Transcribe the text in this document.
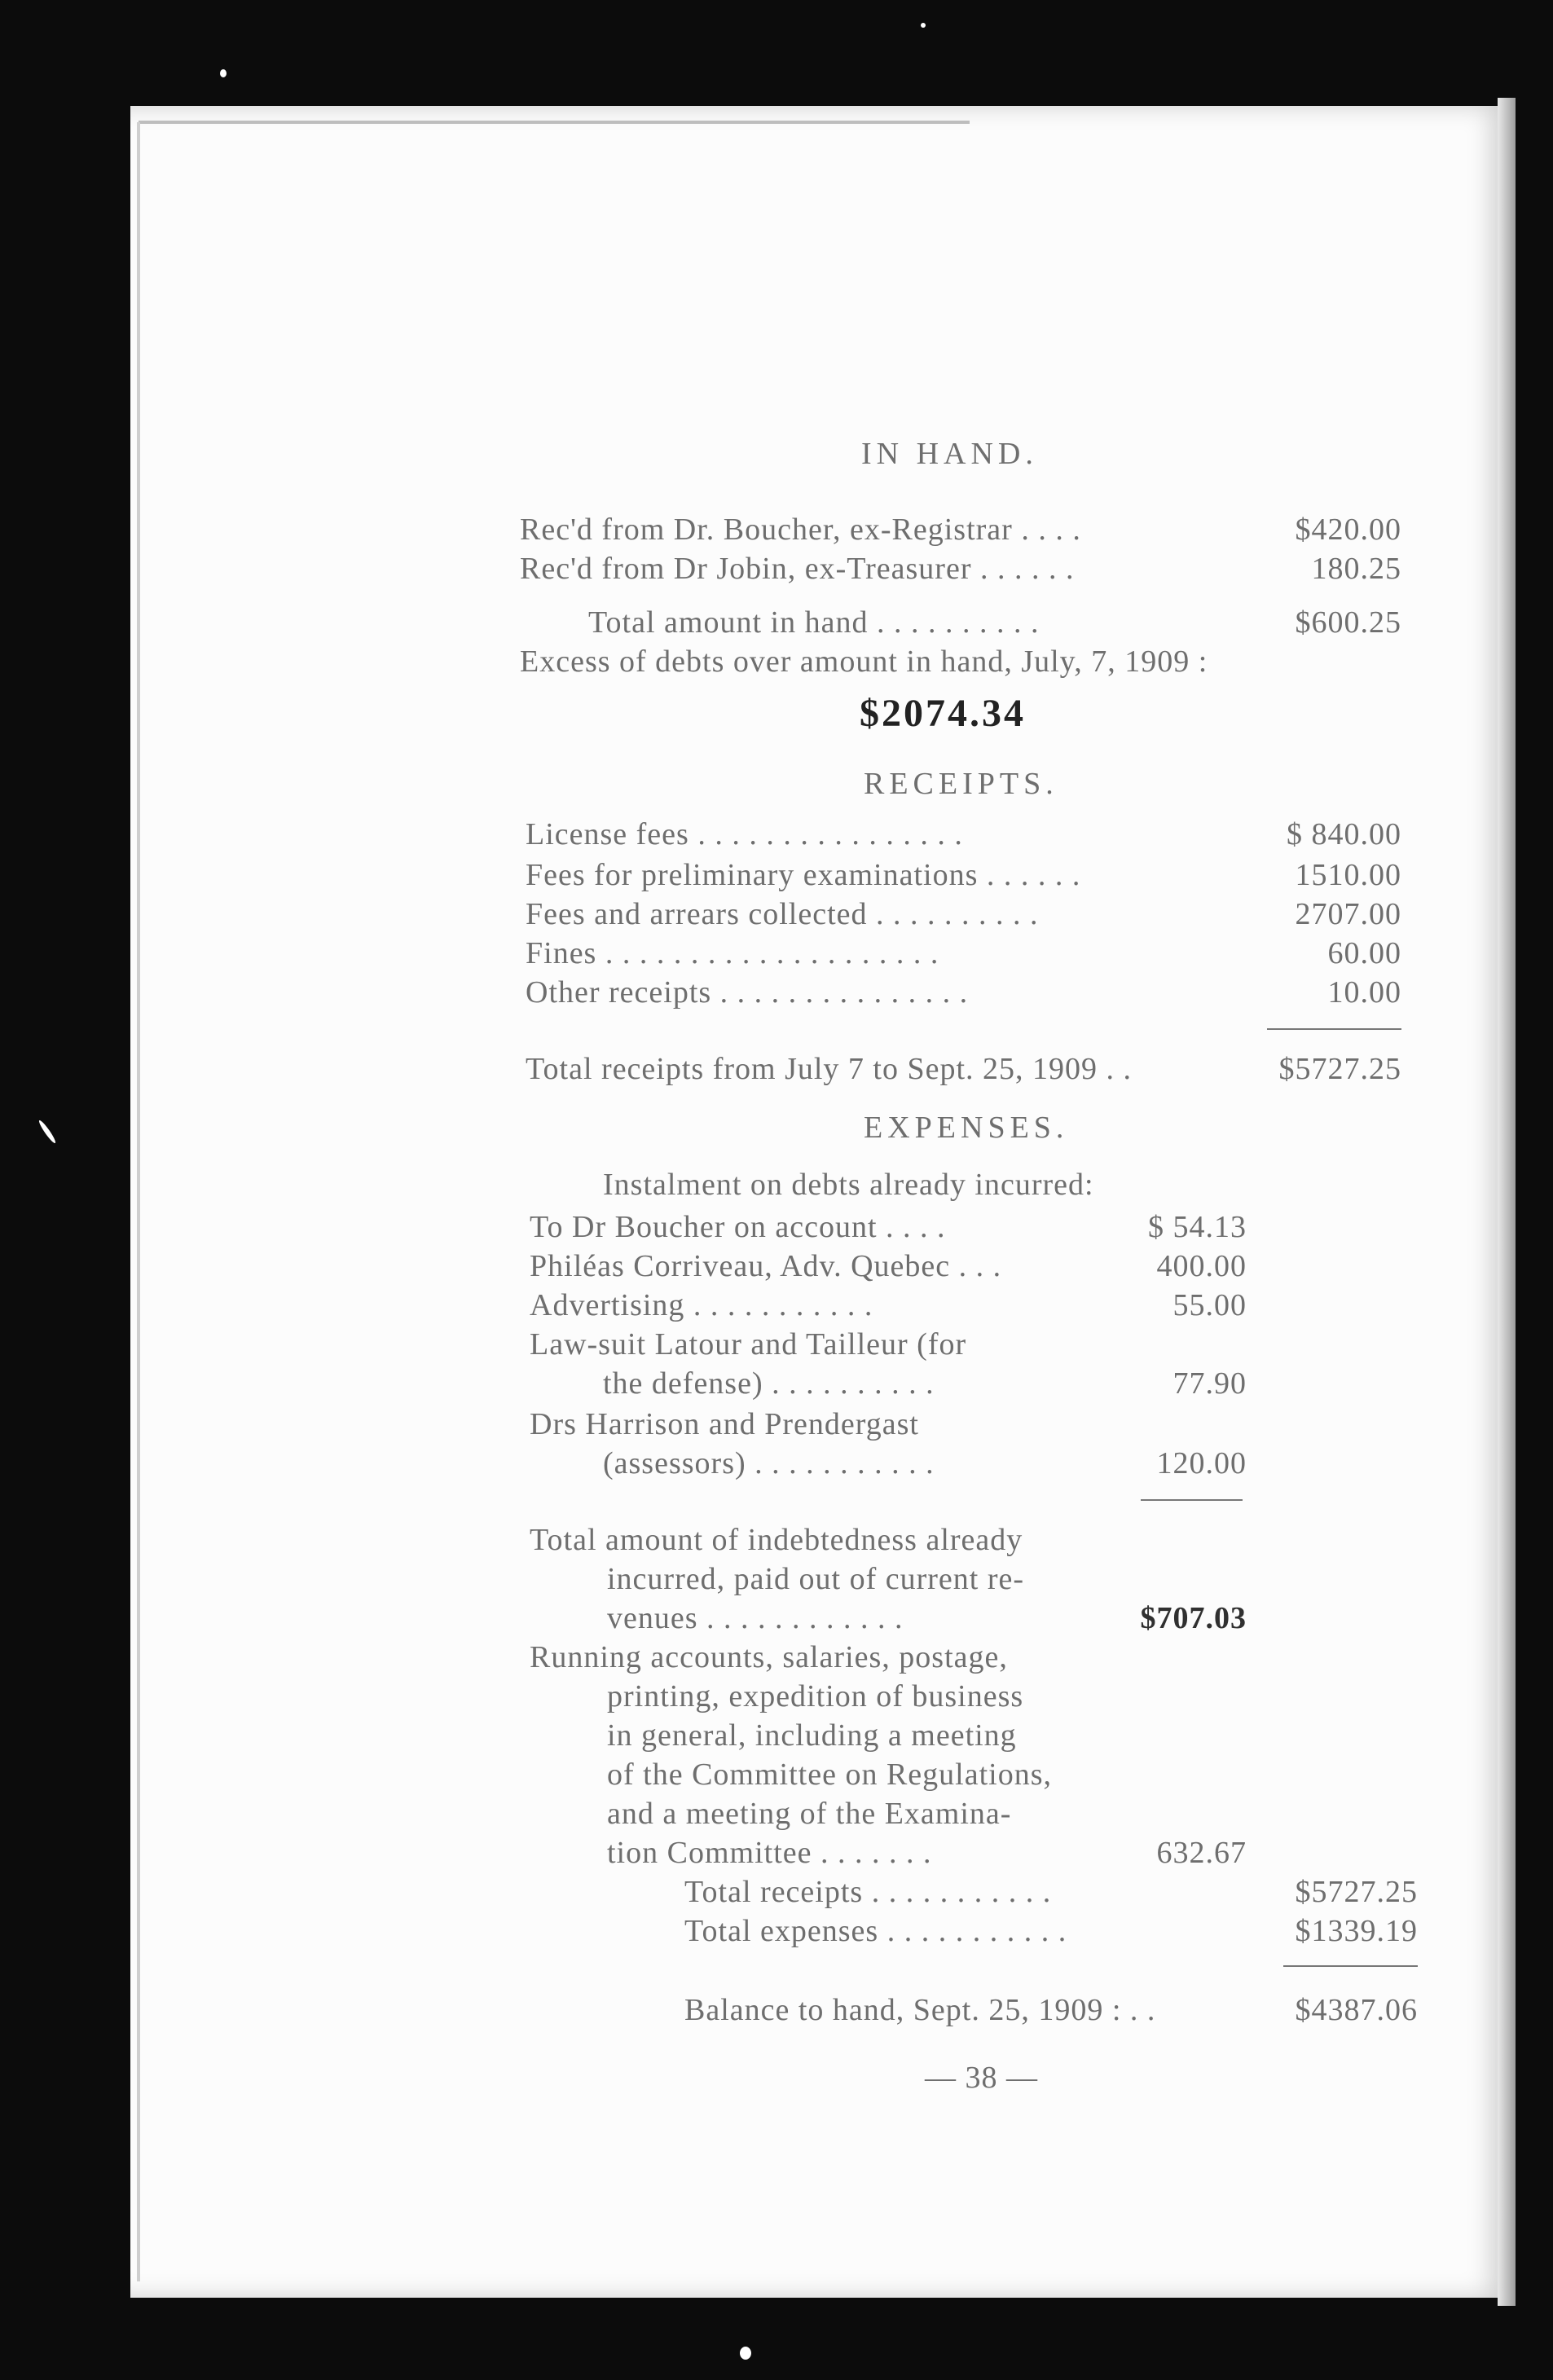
IN HAND.
Rec'd from Dr. Boucher, ex-Registrar . . . .	$420.00
Rec'd from Dr Jobin, ex-Treasurer . . . . . .	180.25
Total amount in hand . . . . . . . . . .	$600.25
Excess of debts over amount in hand, July, 7, 1909 :
$2074.34
RECEIPTS.
License fees . . . . . . . . . . . . . . . .	$ 840.00
Fees for preliminary examinations . . . . . .	1510.00
Fees and arrears collected . . . . . . . . . .	2707.00
Fines . . . . . . . . . . . . . . . . . . . .	60.00
Other receipts . . . . . . . . . . . . . . .	10.00
Total receipts from July 7 to Sept. 25, 1909 . .	$5727.25
EXPENSES.
Instalment on debts already incurred:
To Dr Boucher on account . . . .	$ 54.13
Philéas Corriveau, Adv. Quebec . . .	400.00
Advertising . . . . . . . . . . .	55.00
Law-suit Latour and Tailleur (for
the defense) . . . . . . . . . .	77.90
Drs Harrison and Prendergast
(assessors) . . . . . . . . . . .	120.00
Total amount of indebtedness already
incurred, paid out of current re-
venues . . . . . . . . . . . .	$707.03
Running accounts, salaries, postage,
printing, expedition of business
in general, including a meeting
of the Committee on Regulations,
and a meeting of the Examina-
tion Committee . . . . . . .	632.67
Total receipts . . . . . . . . . . .	$5727.25
Total expenses . . . . . . . . . . .	$1339.19
Balance to hand, Sept. 25, 1909 : . .	$4387.06
— 38 —
